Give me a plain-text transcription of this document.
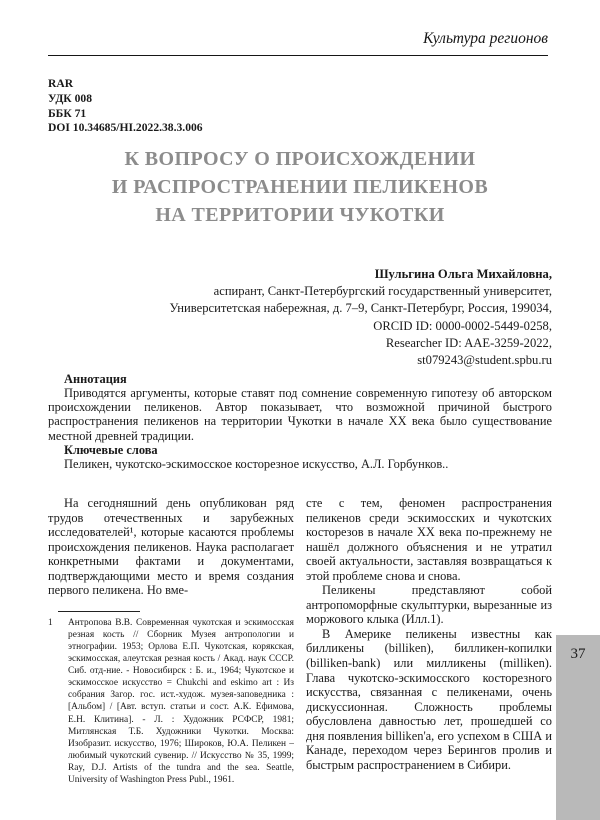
Культура регионов
RAR
УДК 008
ББК 71
DOI 10.34685/HI.2022.38.3.006
К ВОПРОСУ О ПРОИСХОЖДЕНИИ
И РАСПРОСТРАНЕНИИ ПЕЛИКЕНОВ
НА ТЕРРИТОРИИ ЧУКОТКИ
Шульгина Ольга Михайловна,
аспирант, Санкт-Петербургский государственный университет,
Университетская набережная, д. 7–9, Санкт-Петербург, Россия, 199034,
ORCID ID: 0000-0002-5449-0258,
Researcher ID: AAE-3259-2022,
st079243@student.spbu.ru
Аннотация

Приводятся аргументы, которые ставят под сомнение современную гипотезу об авторском происхождении пеликенов. Автор показывает, что возможной причиной быстрого распространения пеликенов на территории Чукотки в начале XX века было существование местной древней традиции.

Ключевые слова

Пеликен, чукотско-эскимосское косторезное искусство, А.Л. Горбунков..

На сегодняшний день опубликован ряд трудов отечественных и зарубежных исследователей¹, которые касаются проблемы происхождения пеликенов. Наука располагает конкретными фактами и документами, подтверждающими место и время создания первого пеликена. Но вме-

1	Антропова В.В. Современная чукотская и эскимосская резная кость // Сборник Музея антропологии и этнографии. 1953; Орлова Е.П. Чукотская, корякская, эскимосская, алеутская резная кость / Акад. наук СССР. Сиб. отд-ние. - Новосибирск : Б. и., 1964; Чукотское и эскимосское искусство = Chukchi and eskimo art : Из собрания Загор. гос. ист.-худож. музея-заповедника : [Альбом] / [Авт. вступ. статьи и сост. А.К. Ефимова, Е.Н. Клитина]. - Л. : Художник РСФСР, 1981; Митлянская Т.Б. Художники Чукотки. Москва: Изобразит. искусство, 1976; Широков, Ю.А. Пеликен – любимый чукотский сувенир. // Искусство № 35, 1999; Ray, D.J. Artists of the tundra and the sea. Seattle, University of Washington Press Publ., 1961.

сте с тем, феномен распространения пеликенов среди эскимосских и чукотских косторезов в начале XX века по-прежнему не нашёл должного объяснения и не утратил своей актуальности, заставляя возвращаться к этой проблеме снова и снова.

Пеликены представляют собой антропоморфные скульптурки, вырезанные из моржового клыка (Илл.1).

В Америке пеликены известны как билликены (billiken), билликен-копилки (billiken-bank) или милликены (milliken). Глава чукотско-эскимосского косторезного искусства, связанная с пеликенами, очень дискуссионная. Сложность проблемы обусловлена давностью лет, прошедшей со дня появления billiken'a, его успехом в США и Канаде, переходом через Берингов пролив и быстрым распространением в Сибири.

37
